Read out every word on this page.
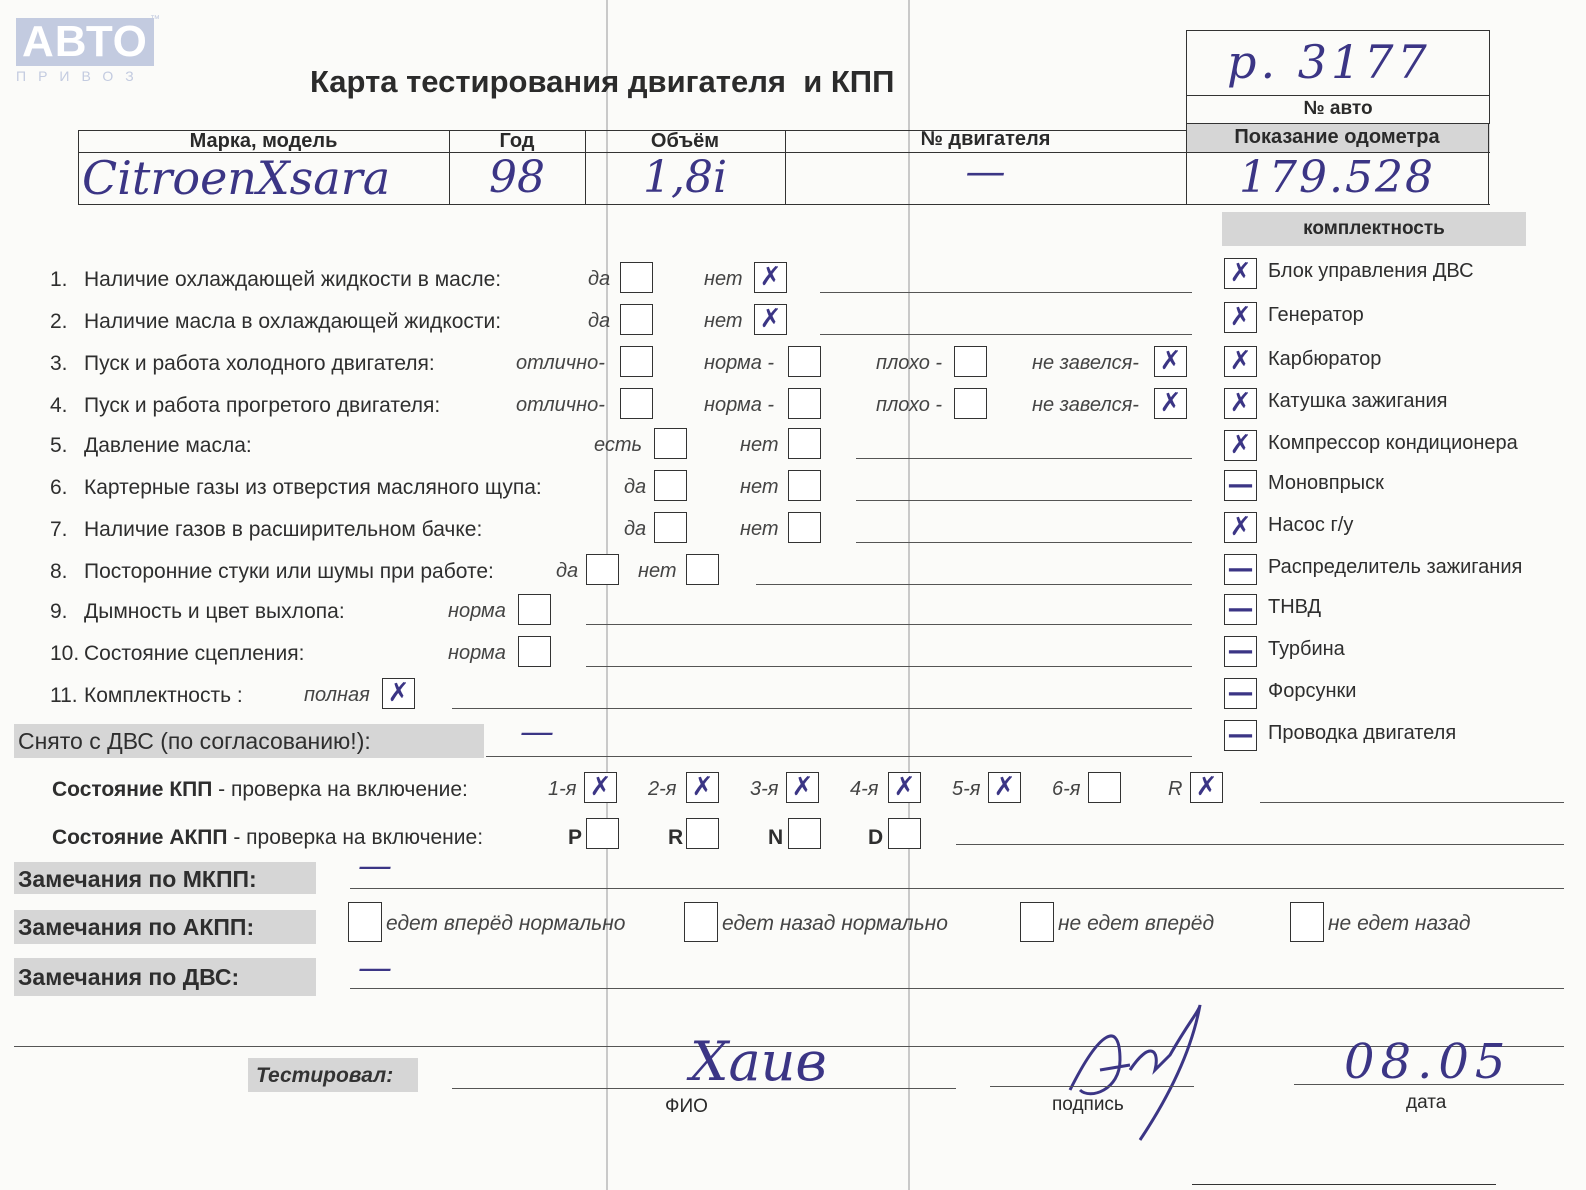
АВТО
ПРИВОЗ
™
Карта тестирования двигателя  и КПП	р. 3177
№ авто
Марка, модель	Год	Объём	№ двигателя	Показание одометра
CitroenXsara	98	1,8i	—	179.528
комплектность
✗ Блок управления ДВС
✗ Генератор
✗ Карбюратор
✗ Катушка зажигания
✗ Компрессор кондиционера
— Моновпрыск
✗ Насос г/у
— Распределитель зажигания
— ТНВД
— Турбина
— Форсунки
— Проводка двигателя
1. Наличие охлаждающей жидкости в масле:	да	нет ✗
2. Наличие масла в охлаждающей жидкости:	да	нет ✗
3. Пуск и работа холодного двигателя:	отлично-	норма -	плохо -	не завелся- ✗
4. Пуск и работа прогретого двигателя:	отлично-	норма -	плохо -	не завелся- ✗
5. Давление масла:	есть	нет
6. Картерные газы из отверстия масляного щупа:	да	нет
7. Наличие газов в расширительном бачке:	да	нет
8. Посторонние стуки или шумы при работе:	да	нет
9. Дымность и цвет выхлопа:	норма
10. Состояние сцепления:	норма
11. Комплектность :	полная ✗
Снято с ДВС (по согласованию!):	—
Состояние КПП - проверка на включение:	1-я ✗ 2-я ✗ 3-я ✗ 4-я ✗ 5-я ✗ 6-я	R ✗
Состояние АКПП - проверка на включение:	P	R	N	D
Замечания по МКПП:	—
Замечания по АКПП:	едет вперёд нормально	едет назад нормально	не едет вперёд	не едет назад
Замечания по ДВС:	—
Тестировал:	Хаив
ФИО	подпись
08.05
дата
